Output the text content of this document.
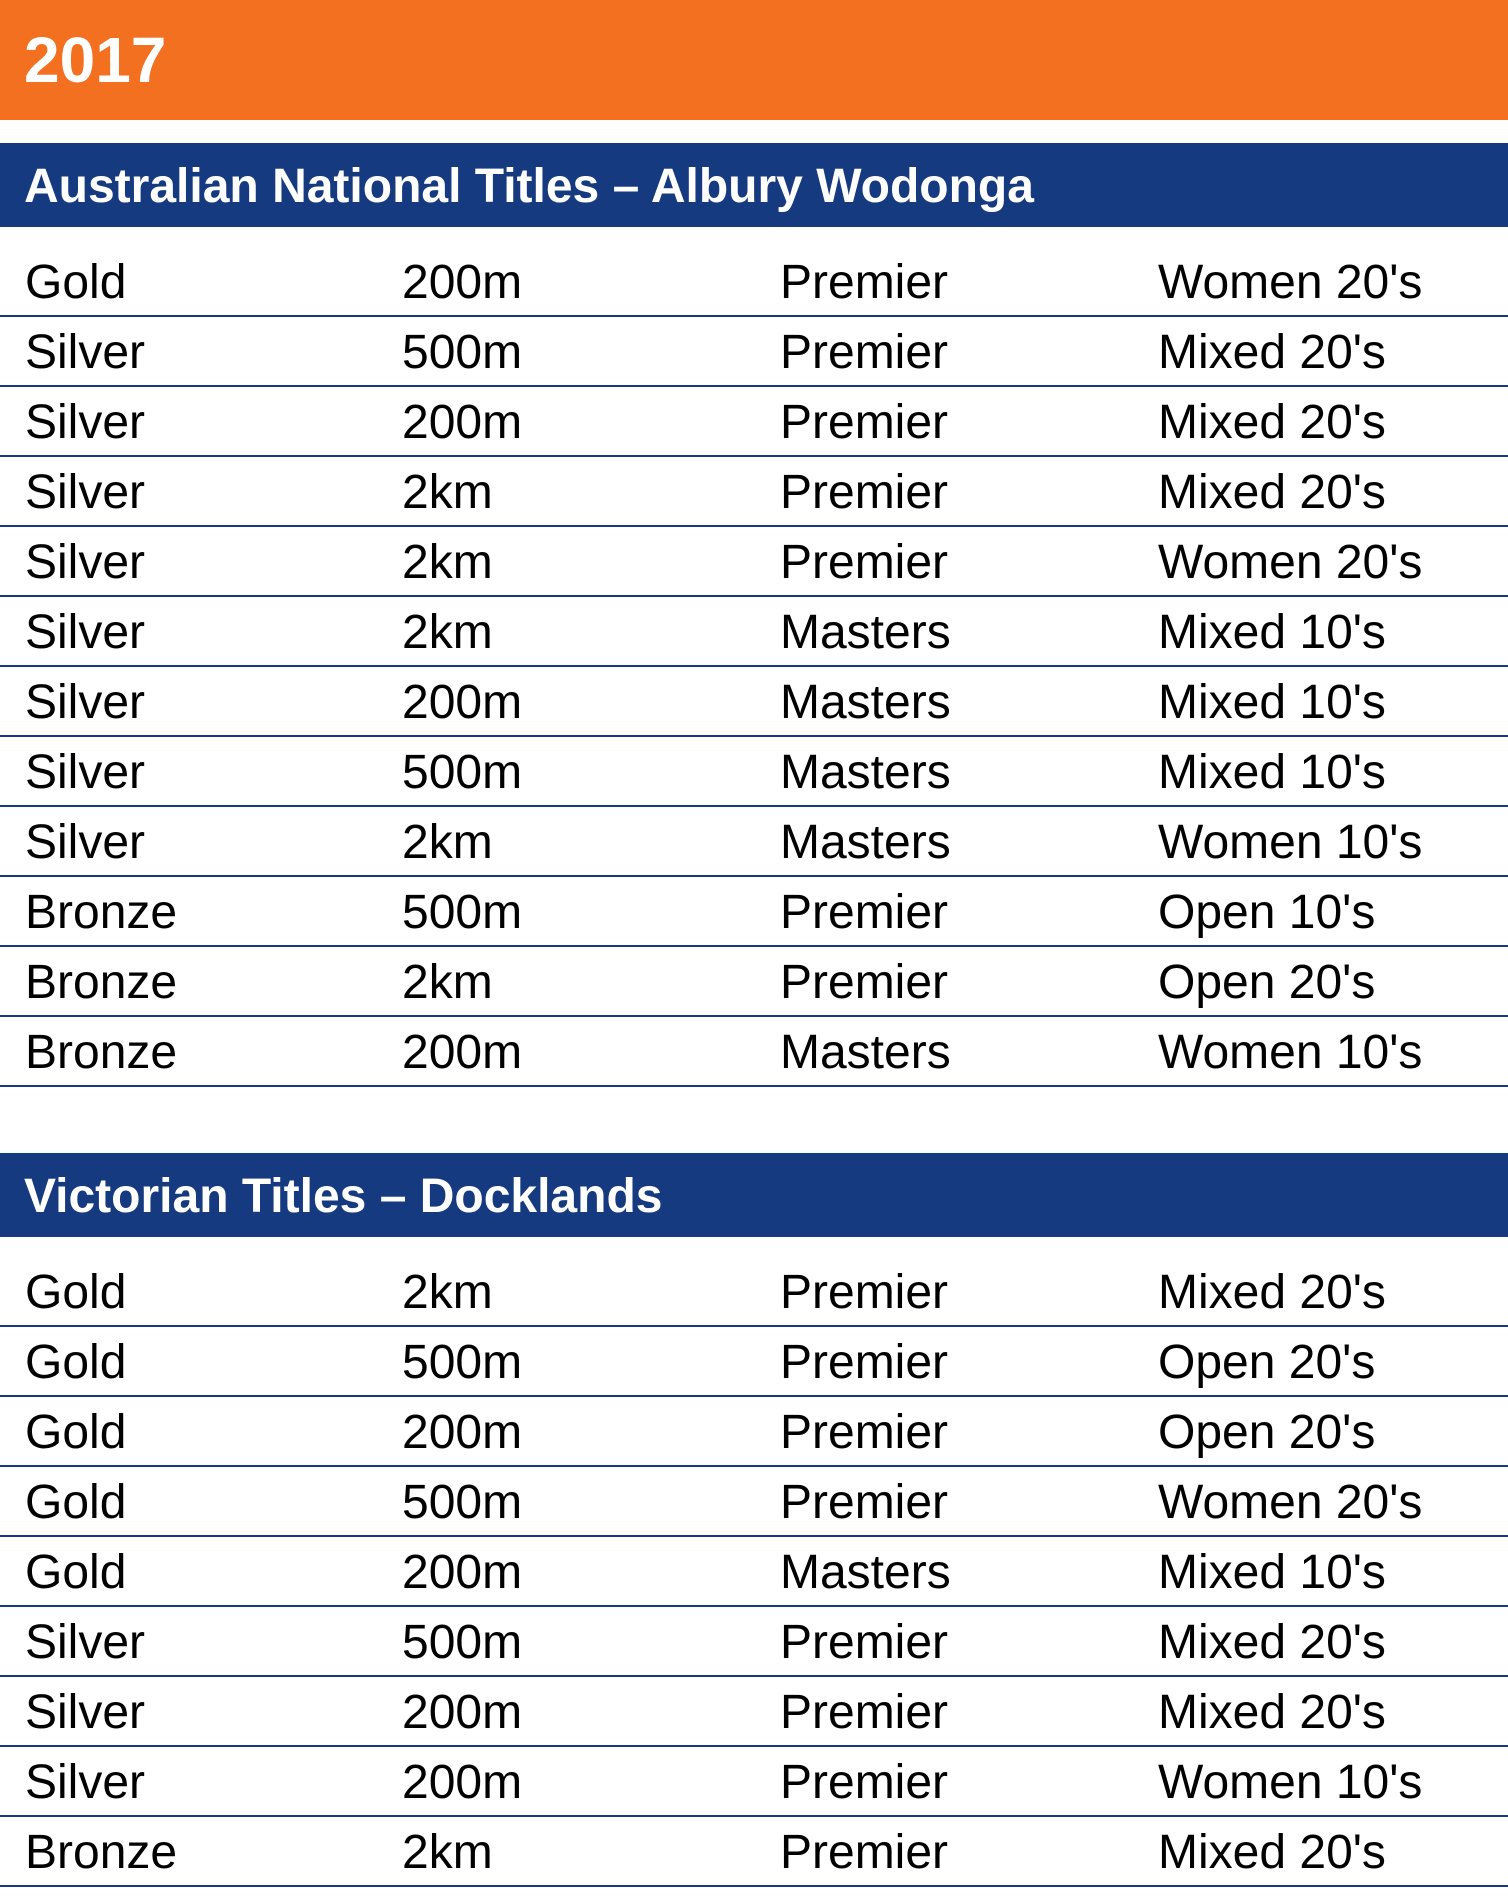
2017
Australian National Titles – Albury Wodonga
Gold	200m	Premier	Women 20's
Silver	500m	Premier	Mixed 20's
Silver	200m	Premier	Mixed 20's
Silver	2km	Premier	Mixed 20's
Silver	2km	Premier	Women 20's
Silver	2km	Masters	Mixed 10's
Silver	200m	Masters	Mixed 10's
Silver	500m	Masters	Mixed 10's
Silver	2km	Masters	Women 10's
Bronze	500m	Premier	Open 10's
Bronze	2km	Premier	Open 20's
Bronze	200m	Masters	Women 10's
Victorian Titles – Docklands
Gold	2km	Premier	Mixed 20's
Gold	500m	Premier	Open 20's
Gold	200m	Premier	Open 20's
Gold	500m	Premier	Women 20's
Gold	200m	Masters	Mixed 10's
Silver	500m	Premier	Mixed 20's
Silver	200m	Premier	Mixed 20's
Silver	200m	Premier	Women 10's
Bronze	2km	Premier	Mixed 20's
